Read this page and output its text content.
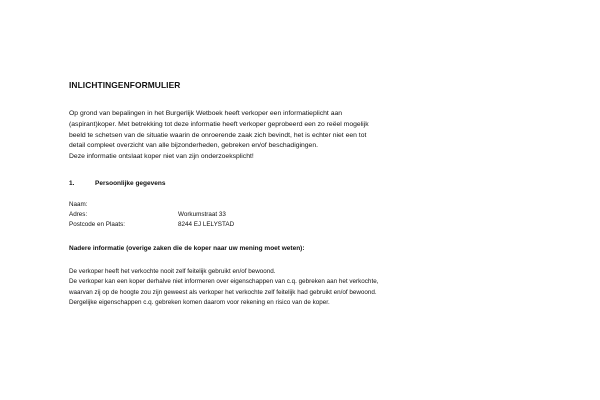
INLICHTINGENFORMULIER

Op grond van bepalingen in het Burgerlijk Wetboek heeft verkoper een informatieplicht aan

(aspirant)koper. Met betrekking tot deze informatie heeft verkoper geprobeerd een zo reëel mogelijk

beeld te schetsen van de situatie waarin de onroerende zaak zich bevindt, het is echter niet een tot

detail compleet overzicht van alle bijzonderheden, gebreken en/of beschadigingen.

Deze informatie ontslaat koper niet van zijn onderzoeksplicht!

1.	Persoonlijke gegevens
Naam:
Adres:	Workumstraat 33
Postcode en Plaats:	8244 EJ LELYSTAD
Nadere informatie (overige zaken die de koper naar uw mening moet weten):

De verkoper heeft het verkochte nooit zelf feitelijk gebruikt en/of bewoond.

De verkoper kan een koper derhalve niet informeren over eigenschappen van c.q. gebreken aan het verkochte,

waarvan zij op de hoogte zou zijn geweest als verkoper het verkochte zelf feitelijk had gebruikt en/of bewoond.

Dergelijke eigenschappen c.q. gebreken komen daarom voor rekening en risico van de koper.
